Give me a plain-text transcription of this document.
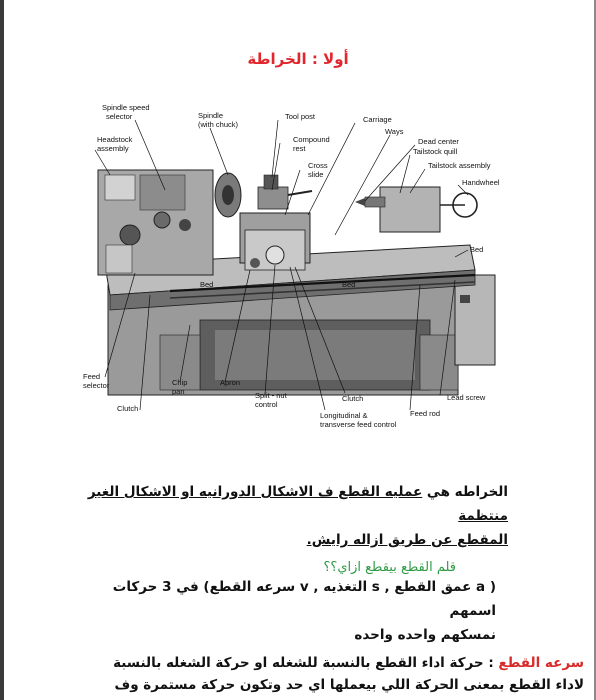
أولا : الخراطة
Spindle speed
selector	Spindle
(with chuck)
Tool post	Carriage
Ways
Dead center
Headstock
assembly
Compound
rest	Tailstock quill
Cross
slide
Tailstock assembly
Handwheel
Bed
Bed	Bed
Feed
selector	Chip
pan
Apron
Split - nut
control
Clutch
Clutch
Lead screw
Feed rod
Longitudinal &
transverse feed control
الخراطه هي عمليه القطع ف الاشكال الدورانيه او الاشكال الغير منتظمة
المقطع عن طريق ازاله رايش.
قلم القطع بيقطع ازاي؟؟
( a عمق القطع , s التغذيه , v سرعه القطع) في 3 حركات اسمهم
نمسكهم واحده واحده
سرعه القطع : حركة اداء القطع بالنسبة للشغله او حركة الشغله بالنسبة
لاداء القطع بمعنى الحركة اللي بيعملها اي حد وتكون حركة مستمرة وف
